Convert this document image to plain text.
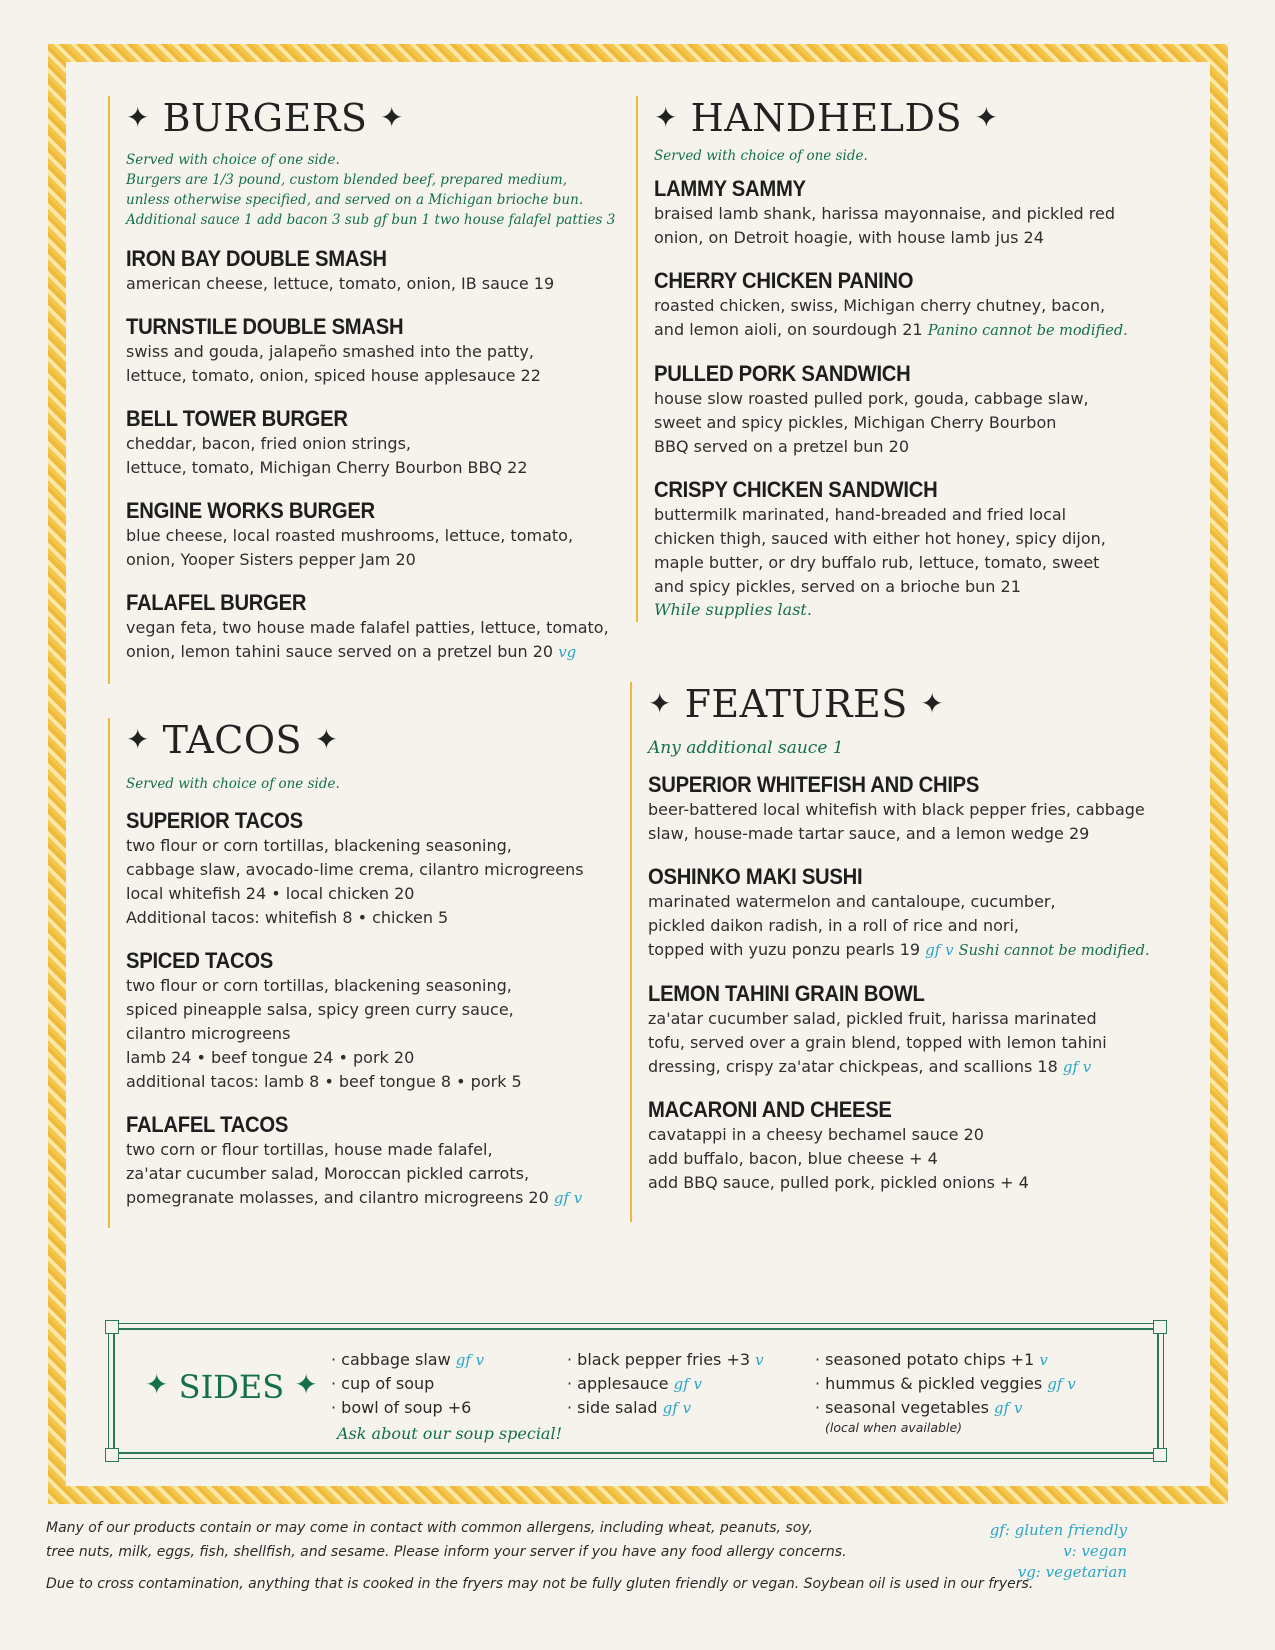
✦ BURGERS ✦
Served with choice of one side.
Burgers are 1/3 pound, custom blended beef, prepared medium,
unless otherwise specified, and served on a Michigan brioche bun.
Additional sauce 1 add bacon 3 sub gf bun 1 two house falafel patties 3
IRON BAY DOUBLE SMASH
american cheese, lettuce, tomato, onion, IB sauce 19
TURNSTILE DOUBLE SMASH
swiss and gouda, jalapeño smashed into the patty,
lettuce, tomato, onion, spiced house applesauce 22
BELL TOWER BURGER
cheddar, bacon, fried onion strings,
lettuce, tomato, Michigan Cherry Bourbon BBQ 22
ENGINE WORKS BURGER
blue cheese, local roasted mushrooms, lettuce, tomato,
onion, Yooper Sisters pepper Jam 20
FALAFEL BURGER
vegan feta, two house made falafel patties, lettuce, tomato,
onion, lemon tahini sauce served on a pretzel bun 20 vg
✦ TACOS ✦
Served with choice of one side.
SUPERIOR TACOS
two flour or corn tortillas, blackening seasoning,
cabbage slaw, avocado-lime crema, cilantro microgreens
local whitefish 24 • local chicken 20
Additional tacos: whitefish 8 • chicken 5
SPICED TACOS
two flour or corn tortillas, blackening seasoning,
spiced pineapple salsa, spicy green curry sauce,
cilantro microgreens
lamb 24 • beef tongue 24 • pork 20
additional tacos: lamb 8 • beef tongue 8 • pork 5
FALAFEL TACOS
two corn or flour tortillas, house made falafel,
za'atar cucumber salad, Moroccan pickled carrots,
pomegranate molasses, and cilantro microgreens 20 gf v
✦ HANDHELDS ✦
Served with choice of one side.
LAMMY SAMMY
braised lamb shank, harissa mayonnaise, and pickled red
onion, on Detroit hoagie, with house lamb jus 24
CHERRY CHICKEN PANINO
roasted chicken, swiss, Michigan cherry chutney, bacon,
and lemon aioli, on sourdough 21 Panino cannot be modified.
PULLED PORK SANDWICH
house slow roasted pulled pork, gouda, cabbage slaw,
sweet and spicy pickles, Michigan Cherry Bourbon
BBQ served on a pretzel bun 20
CRISPY CHICKEN SANDWICH
buttermilk marinated, hand-breaded and fried local
chicken thigh, sauced with either hot honey, spicy dijon,
maple butter, or dry buffalo rub, lettuce, tomato, sweet
and spicy pickles, served on a brioche bun 21
While supplies last.
✦ FEATURES ✦
Any additional sauce 1
SUPERIOR WHITEFISH AND CHIPS
beer-battered local whitefish with black pepper fries, cabbage
slaw, house-made tartar sauce, and a lemon wedge 29
OSHINKO MAKI SUSHI
marinated watermelon and cantaloupe, cucumber,
pickled daikon radish, in a roll of rice and nori,
topped with yuzu ponzu pearls 19 gf v Sushi cannot be modified.
LEMON TAHINI GRAIN BOWL
za'atar cucumber salad, pickled fruit, harissa marinated
tofu, served over a grain blend, topped with lemon tahini
dressing, crispy za'atar chickpeas, and scallions 18 gf v
MACARONI AND CHEESE
cavatappi in a cheesy bechamel sauce 20
add buffalo, bacon, blue cheese + 4
add BBQ sauce, pulled pork, pickled onions + 4
✦ SIDES ✦
· cabbage slaw gf v
· cup of soup
· bowl of soup +6
Ask about our soup special!
· black pepper fries +3 v
· applesauce gf v
· side salad gf v
· seasoned potato chips +1 v
· hummus & pickled veggies gf v
· seasonal vegetables gf v
(local when available)
Many of our products contain or may come in contact with common allergens, including wheat, peanuts, soy,
tree nuts, milk, eggs, fish, shellfish, and sesame. Please inform your server if you have any food allergy concerns.
Due to cross contamination, anything that is cooked in the fryers may not be fully gluten friendly or vegan. Soybean oil is used in our fryers.
gf: gluten friendly
v: vegan
vg: vegetarian
